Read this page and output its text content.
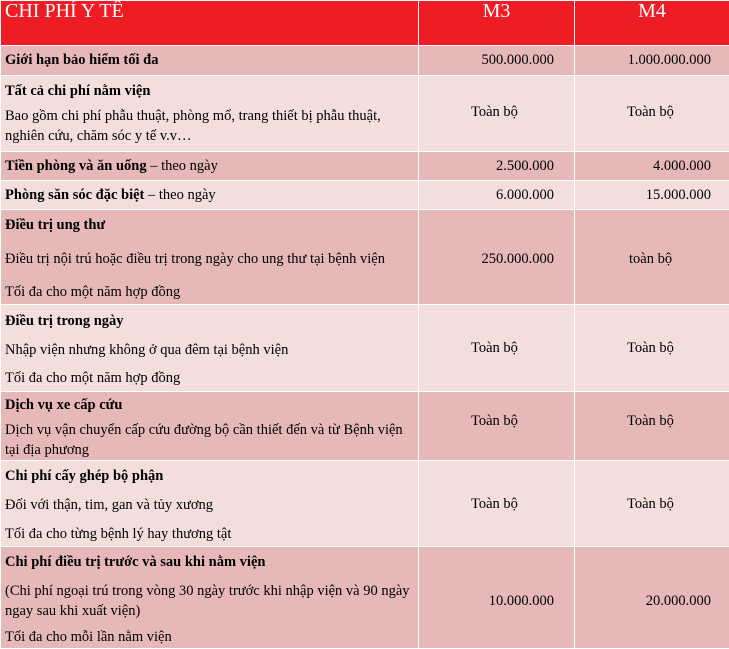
CHI PHÍ Y TẾ	M3	M4

Giới hạn bảo hiểm tối đa	500.000.000	1.000.000.000

Tất cả chi phí nằm viện
Bao gồm chi phí phẫu thuật, phòng mổ, trang thiết bị phẫu thuật, nghiên cứu, chăm sóc y tế v.v…	Toàn bộ	Toàn bộ

Tiền phòng và ăn uống – theo ngày	2.500.000	4.000.000

Phòng săn sóc đặc biệt – theo ngày	6.000.000	15.000.000

Điều trị ung thư
Điều trị nội trú hoặc điều trị trong ngày cho ung thư tại bệnh viện
Tối đa cho một năm hợp đồng	250.000.000	toàn bộ

Điều trị trong ngày
Nhập viện nhưng không ở qua đêm tại bệnh viện
Tối đa cho một năm hợp đồng	Toàn bộ	Toàn bộ

Dịch vụ xe cấp cứu
Dịch vụ vận chuyển cấp cứu đường bộ cần thiết đến và từ Bệnh viện tại địa phương	Toàn bộ	Toàn bộ

Chi phí cấy ghép bộ phận
Đối với thận, tim, gan và tủy xương
Tối đa cho từng bệnh lý hay thương tật	Toàn bộ	Toàn bộ

Chi phí điều trị trước và sau khi nằm viện
(Chi phí ngoại trú trong vòng 30 ngày trước khi nhập viện và 90 ngày ngay sau khi xuất viện)
Tối đa cho mỗi lần nằm viện	10.000.000	20.000.000
